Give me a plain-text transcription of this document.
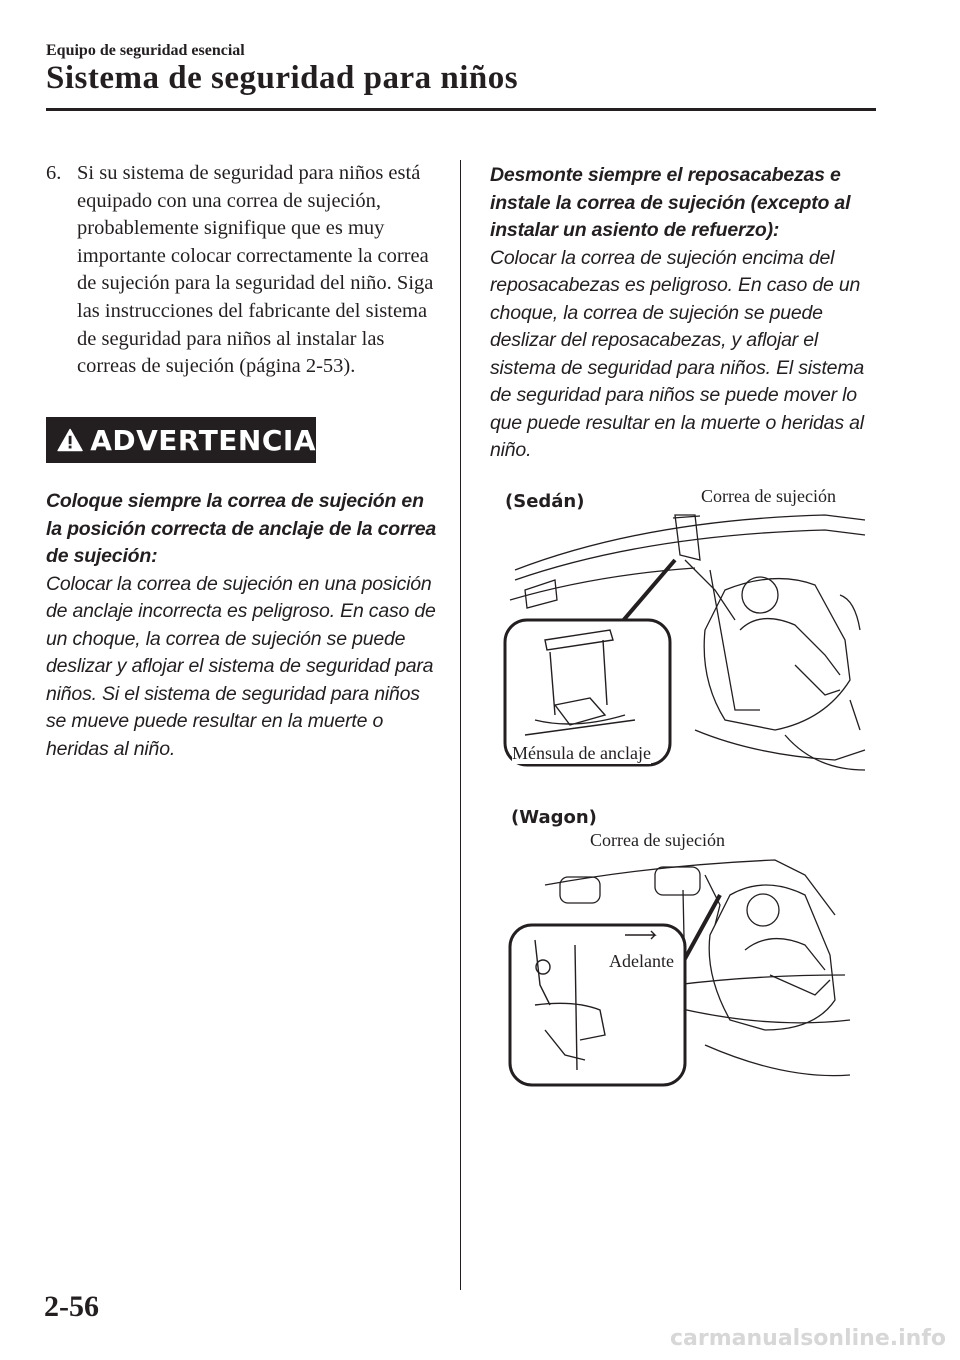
Equipo de seguridad esencial
Sistema de seguridad para niños

6. Si su sistema de seguridad para niños está equipado con una correa de sujeción, probablemente signifique que es muy importante colocar correctamente la correa de sujeción para la seguridad del niño. Siga las instrucciones del fabricante del sistema de seguridad para niños al instalar las correas de sujeción (página 2-53).

ADVERTENCIA
Coloque siempre la correa de sujeción en la posición correcta de anclaje de la correa de sujeción:
Colocar la correa de sujeción en una posición de anclaje incorrecta es peligroso. En caso de un choque, la correa de sujeción se puede deslizar y aflojar el sistema de seguridad para niños. Si el sistema de seguridad para niños se mueve puede resultar en la muerte o heridas al niño.
Desmonte siempre el reposacabezas e instale la correa de sujeción (excepto al instalar un asiento de refuerzo):
Colocar la correa de sujeción encima del reposacabezas es peligroso. En caso de un choque, la correa de sujeción se puede deslizar del reposacabezas, y aflojar el sistema de seguridad para niños. El sistema de seguridad para niños se puede mover lo que puede resultar en la muerte o heridas al niño.
(Sedán)	Correa de sujeción
Ménsula de anclaje
(Wagon)
Correa de sujeción
Adelante
2-56
carmanualsonline.info
